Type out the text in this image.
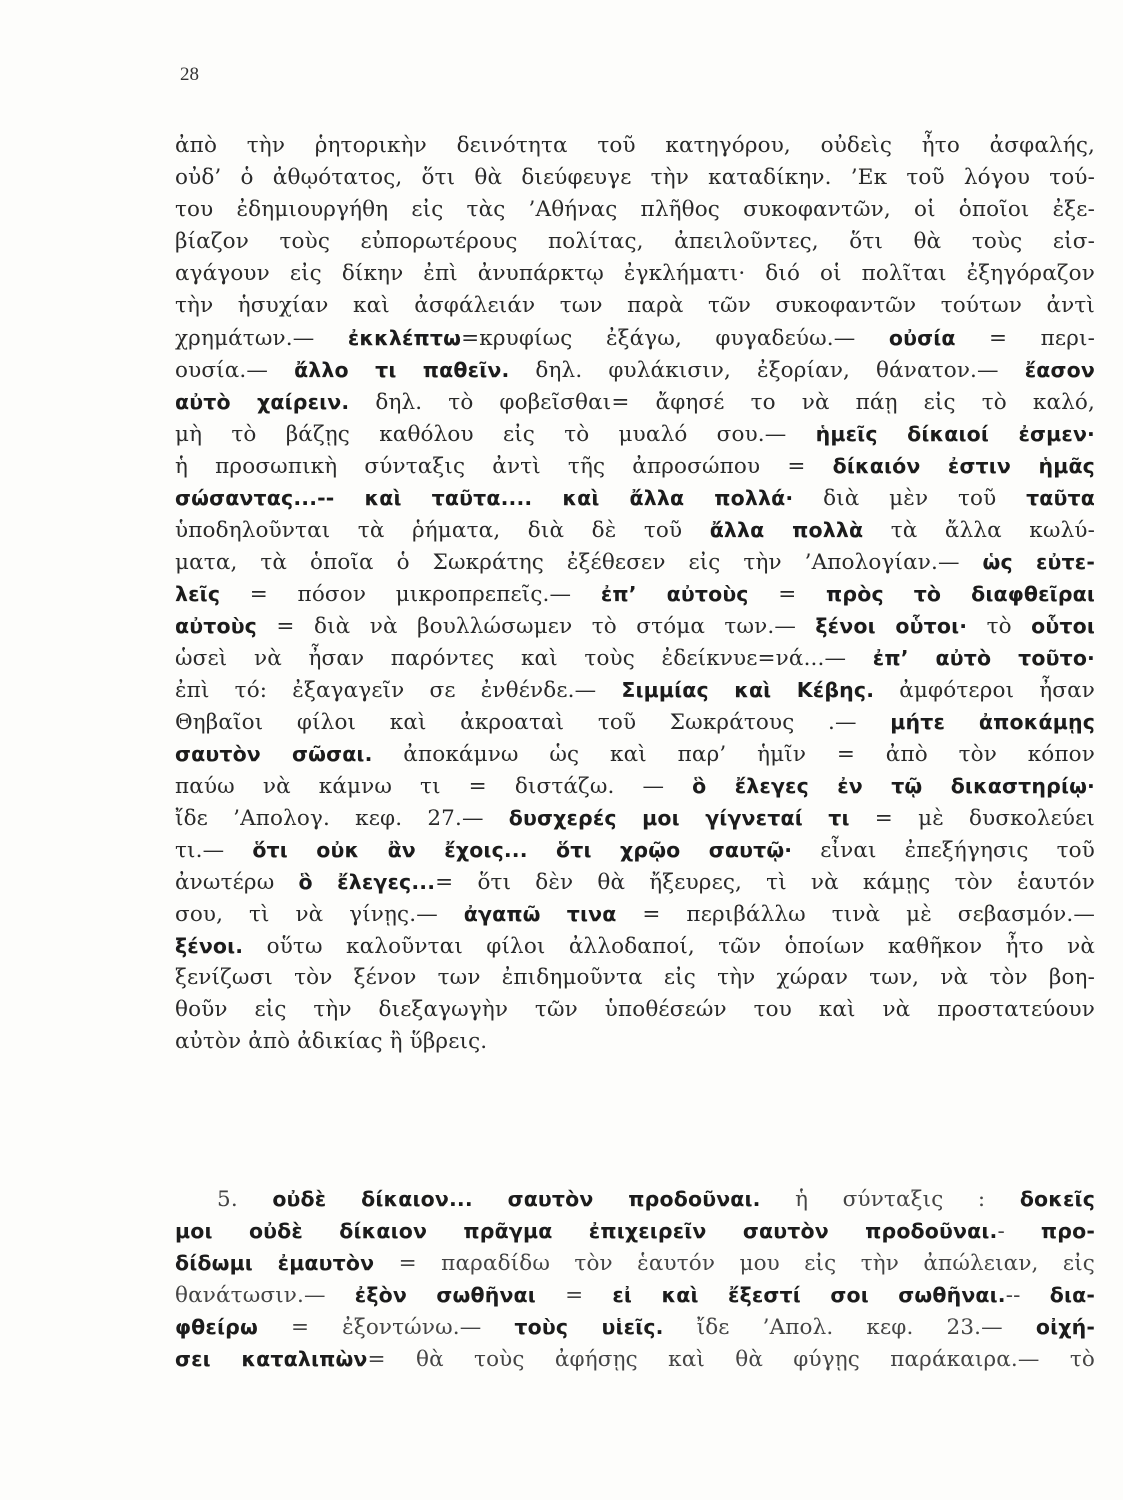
28
ἀπὸ τὴν ῥητορικὴν δεινότητα τοῦ κατηγόρου, οὐδεὶς ἦτο ἀσφαλής,
οὐδ’ ὁ ἀθῳότατος, ὅτι θὰ διεύφευγε τὴν καταδίκην. ’Εκ τοῦ λόγου τού-
του ἐδημιουργήθη εἰς τὰς ’Αθήνας πλῆθος συκοφαντῶν, οἱ ὁποῖοι ἐξε-
βίαζον τοὺς εὐπορωτέρους πολίτας, ἀπειλοῦντες, ὅτι θὰ τοὺς εἰσ-
αγάγουν εἰς δίκην ἐπὶ ἀνυπάρκτῳ ἐγκλήματι· διό οἱ πολῖται ἐξηγόραζον
τὴν ἡσυχίαν καὶ ἀσφάλειάν των παρὰ τῶν συκοφαντῶν τούτων ἀντὶ
χρημάτων.— ἐκκλέπτω=κρυφίως ἐξάγω, φυγαδεύω.— οὐσία = περι-
ουσία.— ἄλλο τι παθεῖν. δηλ. φυλάκισιν, ἐξορίαν, θάνατον.— ἔασον
αὐτὸ χαίρειν. δηλ. τὸ φοβεῖσθαι= ἄφησέ το νὰ πάῃ εἰς τὸ καλό,
μὴ τὸ βάζῃς καθόλου εἰς τὸ μυαλό σου.— ἡμεῖς δίκαιοί ἐσμεν·
ἡ προσωπικὴ σύνταξις ἀντὶ τῆς ἀπροσώπου = δίκαιόν ἐστιν ἡμᾶς
σώσαντας...-- καὶ ταῦτα.... καὶ ἄλλα πολλά· διὰ μὲν τοῦ ταῦτα
ὑποδηλοῦνται τὰ ῥήματα, διὰ δὲ τοῦ ἄλλα πολλὰ τὰ ἄλλα κωλύ-
ματα, τὰ ὁποῖα ὁ Σωκράτης ἐξέθεσεν εἰς τὴν ’Απολογίαν.— ὡς εὐτε-
λεῖς = πόσον μικροπρεπεῖς.— ἐπ’ αὐτοὺς = πρὸς τὸ διαφθεῖραι
αὐτοὺς = διὰ νὰ βουλλώσωμεν τὸ στόμα των.— ξένοι οὗτοι· τὸ οὗτοι
ὡσεὶ νὰ ἦσαν παρόντες καὶ τοὺς ἐδείκνυε=νά...— ἐπ’ αὐτὸ τοῦτο·
ἐπὶ τό: ἐξαγαγεῖν σε ἐνθένδε.— Σιμμίας καὶ Κέβης. ἀμφότεροι ἦσαν
Θηβαῖοι φίλοι καὶ ἀκροαταὶ τοῦ Σωκράτους .— μήτε ἀποκάμῃς
σαυτὸν σῶσαι. ἀποκάμνω ὡς καὶ παρ’ ἡμῖν = ἀπὸ τὸν κόπον
παύω νὰ κάμνω τι = διστάζω. — ὃ ἔλεγες ἐν τῷ δικαστηρίῳ·
ἴδε ’Απολογ. κεφ. 27.— δυσχερές μοι γίγνεταί τι = μὲ δυσκολεύει
τι.— ὅτι οὐκ ἂν ἔχοις... ὅτι χρῷο σαυτῷ· εἶναι ἐπεξήγησις τοῦ
ἀνωτέρω ὃ ἔλεγες...= ὅτι δὲν θὰ ἤξευρες, τὶ νὰ κάμῃς τὸν ἑαυτόν
σου, τὶ νὰ γίνῃς.— ἀγαπῶ τινα = περιβάλλω τινὰ μὲ σεβασμόν.—
ξένοι. οὕτω καλοῦνται φίλοι ἀλλοδαποί, τῶν ὁποίων καθῆκον ἦτο νὰ
ξενίζωσι τὸν ξένον των ἐπιδημοῦντα εἰς τὴν χώραν των, νὰ τὸν βοη-
θοῦν εἰς τὴν διεξαγωγὴν τῶν ὑποθέσεών του καὶ νὰ προστατεύουν
αὐτὸν ἀπὸ ἀδικίας ἢ ὕβρεις.
5. οὐδὲ δίκαιον... σαυτὸν προδοῦναι. ἡ σύνταξις : δοκεῖς
μοι οὐδὲ δίκαιον πρᾶγμα ἐπιχειρεῖν σαυτὸν προδοῦναι.- προ-
δίδωμι ἐμαυτὸν = παραδίδω τὸν ἑαυτόν μου εἰς τὴν ἀπώλειαν, εἰς
θανάτωσιν.— ἐξὸν σωθῆναι = εἰ καὶ ἔξεστί σοι σωθῆναι.-- δια-
φθείρω = ἐξοντώνω.— τοὺς υἱεῖς. ἴδε ’Απολ. κεφ. 23.— οἰχή-
σει καταλιπὼν= θὰ τοὺς ἀφήσῃς καὶ θὰ φύγῃς παράκαιρα.— τὸ
